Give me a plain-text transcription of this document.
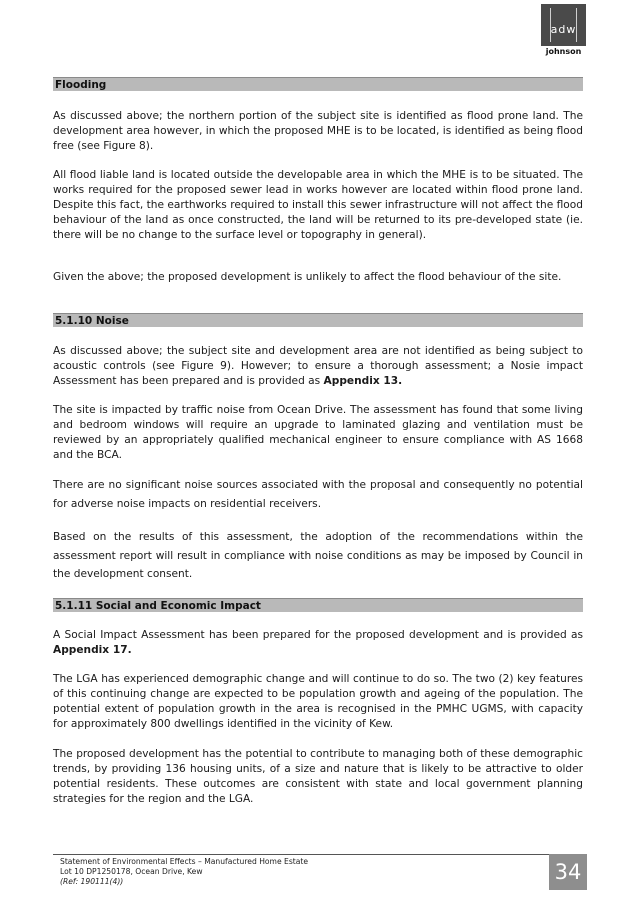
adw
johnson
Flooding

As discussed above; the northern portion of the subject site is identified as flood prone land. The development area however, in which the proposed MHE is to be located, is identified as being flood free (see Figure 8).

All flood liable land is located outside the developable area in which the MHE is to be situated. The works required for the proposed sewer lead in works however are located within flood prone land. Despite this fact, the earthworks required to install this sewer infrastructure will not affect the flood behaviour of the land as once constructed, the land will be returned to its pre-developed state (ie. there will be no change to the surface level or topography in general).

Given the above; the proposed development is unlikely to affect the flood behaviour of the site.

5.1.10 Noise

As discussed above; the subject site and development area are not identified as being subject to acoustic controls (see Figure 9). However; to ensure a thorough assessment; a Nosie impact Assessment has been prepared and is provided as Appendix 13.

The site is impacted by traffic noise from Ocean Drive. The assessment has found that some living and bedroom windows will require an upgrade to laminated glazing and ventilation must be reviewed by an appropriately qualified mechanical engineer to ensure compliance with AS 1668 and the BCA.

There are no significant noise sources associated with the proposal and consequently no potential for adverse noise impacts on residential receivers.

Based on the results of this assessment, the adoption of the recommendations within the assessment report will result in compliance with noise conditions as may be imposed by Council in the development consent.

5.1.11 Social and Economic Impact

A Social Impact Assessment has been prepared for the proposed development and is provided as Appendix 17.

The LGA has experienced demographic change and will continue to do so. The two (2) key features of this continuing change are expected to be population growth and ageing of the population. The potential extent of population growth in the area is recognised in the PMHC UGMS, with capacity for approximately 800 dwellings identified in the vicinity of Kew.

The proposed development has the potential to contribute to managing both of these demographic trends, by providing 136 housing units, of a size and nature that is likely to be attractive to older potential residents. These outcomes are consistent with state and local government planning strategies for the region and the LGA.

Statement of Environmental Effects – Manufactured Home Estate
Lot 10 DP1250178, Ocean Drive, Kew
(Ref: 190111(4))	34
